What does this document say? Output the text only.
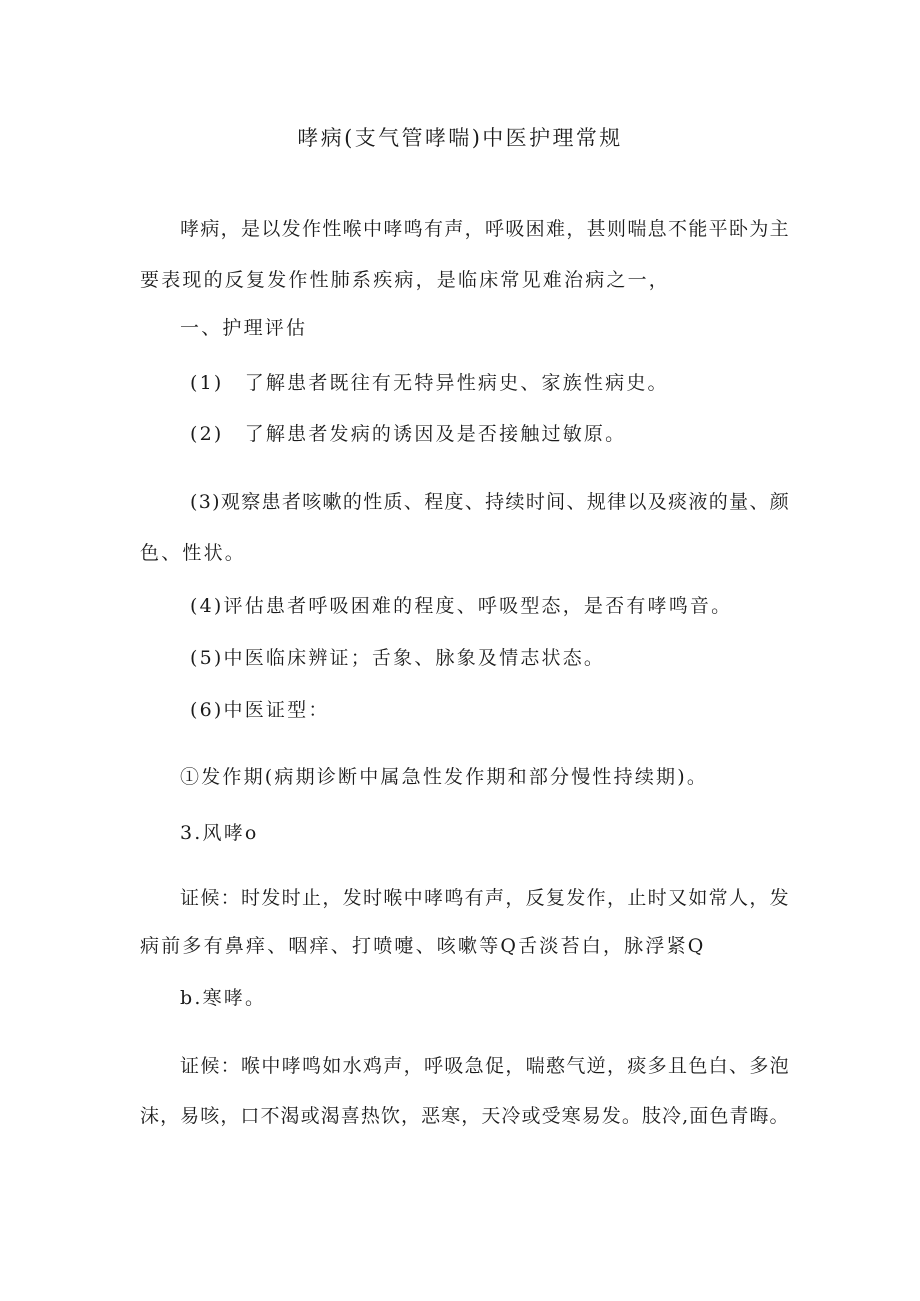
哮病(支气管哮喘)中医护理常规
哮病，是以发作性喉中哮鸣有声，呼吸困难，甚则喘息不能平卧为主
要表现的反复发作性肺系疾病，是临床常见难治病之一，
一、护理评估
(1)　了解患者既往有无特异性病史、家族性病史。
(2)　了解患者发病的诱因及是否接触过敏原。
(3)观察患者咳嗽的性质、程度、持续时间、规律以及痰液的量、颜
色、性状。
(4)评估患者呼吸困难的程度、呼吸型态，是否有哮鸣音。
(5)中医临床辨证；舌象、脉象及情志状态。
(6)中医证型：
①发作期(病期诊断中属急性发作期和部分慢性持续期)。
3.风哮o
证候：时发时止，发时喉中哮鸣有声，反复发作，止时又如常人，发
病前多有鼻痒、咽痒、打喷嚏、咳嗽等Q舌淡苔白，脉浮紧Q
b.寒哮。
证候：喉中哮鸣如水鸡声，呼吸急促，喘憨气逆，痰多且色白、多泡
沫，易咳，口不渴或渴喜热饮，恶寒，天冷或受寒易发。肢冷,面色青晦。
